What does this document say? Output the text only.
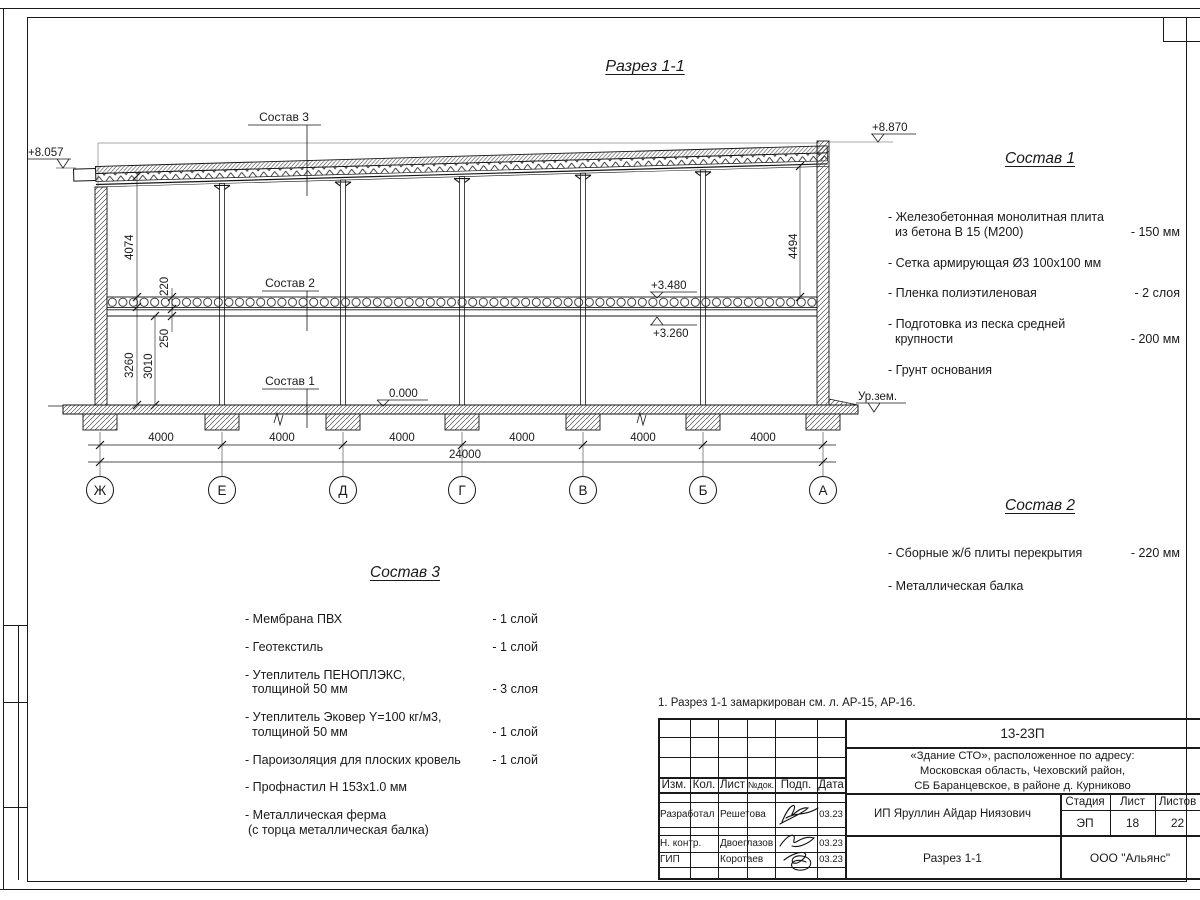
Разрез 1-1
4000	4000	4000	4000	4000	4000
24000
Ж	Е	Д	Г	В	Б	А
4074
3260 3010
220
250
4494
+8.057
+8.870
0.000	Ур.зем.
+3.480
+3.260
Состав 3
Состав 2
Состав 1
Состав 1
- Железобетонная монолитная плита
из бетона В 15 (М200)	- 150 мм
- Сетка армирующая Ø3 100х100 мм
- Пленка полиэтиленовая	- 2 слоя
- Подготовка из песка средней
крупности	- 200 мм
- Грунт основания
Состав 2
- Сборные ж/б плиты перекрытия	- 220 мм
- Металлическая балка
Состав 3
- Мембрана ПВХ	- 1 слой
- Геотекстиль	- 1 слой
- Утеплитель ПЕНОПЛЭКС,
толщиной 50 мм	- 3 слоя
- Утеплитель Эковер Y=100 кг/м3,
толщиной 50 мм	- 1 слой
- Пароизоляция для плоских кровель	- 1 слой
- Профнастил Н 153х1.0 мм
- Металлическая ферма
(с торца металлическая балка)
1. Разрез 1-1 замаркирован см. л. АР-15, АР-16.
Изм. Кол. Лист №док. Подп. Дата
Разработал Решетова	03.23
Н. контр.	Двоеглазов	03.23
ГИП	Коротаев	03.23
13-23П
«Здание СТО», расположенное по адресу:
Московская область, Чеховский район,
СБ Баранцевское, в районе д. Курниково
ИП Яруллин Айдар Ниязович
Стадия	Лист	Листов
ЭП	18	22
Разрез 1-1	ООО "Альянс"
